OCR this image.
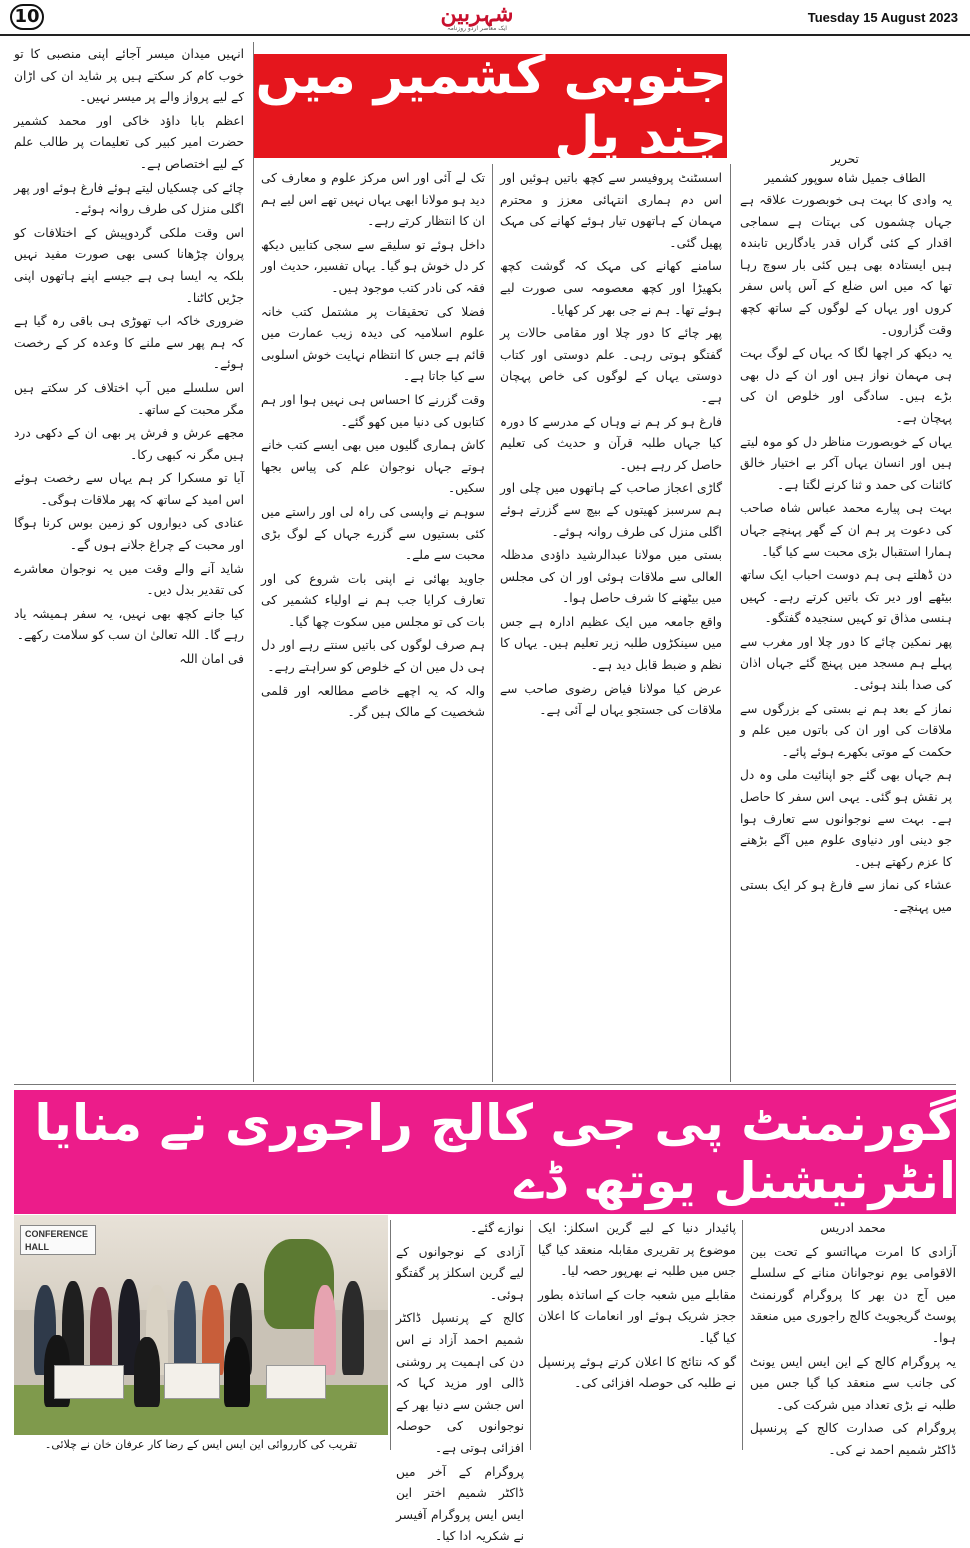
10	شہربین
ایک معاصر اردو روزنامہ
Tuesday 15 August 2023
جنوبی کشمیر میں چند پل	تحریر
الطاف جمیل شاہ سوپور کشمیر

یہ وادی کا بہت ہی خوبصورت علاقہ ہے جہاں چشموں کی بہتات ہے سماجی اقدار کے کئی گراں قدر یادگاریں تابندہ ہیں ایستادہ بھی ہیں کئی بار سوچ رہا تھا کہ میں اس ضلع کے آس پاس سفر کروں اور یہاں کے لوگوں کے ساتھ کچھ وقت گزاروں۔

یہ دیکھ کر اچھا لگا کہ یہاں کے لوگ بہت ہی مہمان نواز ہیں اور ان کے دل بھی بڑے ہیں۔ سادگی اور خلوص ان کی پہچان ہے۔

یہاں کے خوبصورت مناظر دل کو موہ لیتے ہیں اور انسان یہاں آکر بے اختیار خالق کائنات کی حمد و ثنا کرنے لگتا ہے۔

بہت ہی پیارے محمد عباس شاہ صاحب کی دعوت پر ہم ان کے گھر پہنچے جہاں ہمارا استقبال بڑی محبت سے کیا گیا۔

دن ڈھلتے ہی ہم دوست احباب ایک ساتھ بیٹھے اور دیر تک باتیں کرتے رہے۔ کہیں ہنسی مذاق تو کہیں سنجیدہ گفتگو۔

پھر نمکین چائے کا دور چلا اور مغرب سے پہلے ہم مسجد میں پہنچ گئے جہاں اذان کی صدا بلند ہوئی۔

نماز کے بعد ہم نے بستی کے بزرگوں سے ملاقات کی اور ان کی باتوں میں علم و حکمت کے موتی بکھرے ہوئے پائے۔

ہم جہاں بھی گئے جو اپنائیت ملی وہ دل پر نقش ہو گئی۔ یہی اس سفر کا حاصل ہے۔ بہت سے نوجوانوں سے تعارف ہوا جو دینی اور دنیاوی علوم میں آگے بڑھنے کا عزم رکھتے ہیں۔

عشاء کی نماز سے فارغ ہو کر ایک بستی میں پہنچے۔

اسسٹنٹ پروفیسر سے کچھ باتیں ہوئیں اور اس دم ہماری انتہائی معزز و محترم مہمان کے ہاتھوں تیار ہوئے کھانے کی مہک پھیل گئی۔

سامنے کھانے کی مہک کہ گوشت کچھ بکھیڑا اور کچھ معصومہ سی صورت لیے ہوئے تھا۔ ہم نے جی بھر کر کھایا۔

پھر چائے کا دور چلا اور مقامی حالات پر گفتگو ہوتی رہی۔ علم دوستی اور کتاب دوستی یہاں کے لوگوں کی خاص پہچان ہے۔

فارغ ہو کر ہم نے وہاں کے مدرسے کا دورہ کیا جہاں طلبہ قرآن و حدیث کی تعلیم حاصل کر رہے ہیں۔

گاڑی اعجاز صاحب کے ہاتھوں میں چلی اور ہم سرسبز کھیتوں کے بیچ سے گزرتے ہوئے اگلی منزل کی طرف روانہ ہوئے۔

بستی میں مولانا عبدالرشید داؤدی مدظلہ العالی سے ملاقات ہوئی اور ان کی مجلس میں بیٹھنے کا شرف حاصل ہوا۔

واقع جامعہ میں ایک عظیم ادارہ ہے جس میں سینکڑوں طلبہ زیر تعلیم ہیں۔ یہاں کا نظم و ضبط قابل دید ہے۔

عرض کیا مولانا فیاض رضوی صاحب سے ملاقات کی جستجو یہاں لے آئی ہے۔

تک لے آئی اور اس مرکز علوم و معارف کی دید ہو مولانا ابھی یہاں نہیں تھے اس لیے ہم ان کا انتظار کرتے رہے۔

داخل ہوئے تو سلیقے سے سجی کتابیں دیکھ کر دل خوش ہو گیا۔ یہاں تفسیر، حدیث اور فقہ کی نادر کتب موجود ہیں۔

فضلا کی تحقیقات پر مشتمل کتب خانہ علوم اسلامیہ کی دیدہ زیب عمارت میں قائم ہے جس کا انتظام نہایت خوش اسلوبی سے کیا جاتا ہے۔

وقت گزرنے کا احساس ہی نہیں ہوا اور ہم کتابوں کی دنیا میں کھو گئے۔

کاش ہماری گلیوں میں بھی ایسے کتب خانے ہوتے جہاں نوجوان علم کی پیاس بجھا سکیں۔

سوہم نے واپسی کی راہ لی اور راستے میں کئی بستیوں سے گزرے جہاں کے لوگ بڑی محبت سے ملے۔

جاوید بھائی نے اپنی بات شروع کی اور تعارف کرایا جب ہم نے اولیاء کشمیر کی بات کی تو مجلس میں سکوت چھا گیا۔

ہم صرف لوگوں کی باتیں سنتے رہے اور دل ہی دل میں ان کے خلوص کو سراہتے رہے۔

والہ کہ یہ اچھے خاصے مطالعہ اور قلمی شخصیت کے مالک ہیں گر۔

انہیں میدان میسر آجائے اپنی منصبی کا تو خوب کام کر سکتے ہیں پر شاید ان کی اڑان کے لیے پرواز والے پر میسر نہیں۔

اعظم بابا داؤد خاکی اور محمد کشمیر حضرت امیر کبیر کی تعلیمات پر طالب علم کے لیے اختصاص ہے۔

چائے کی چسکیاں لیتے ہوئے فارغ ہوئے اور پھر اگلی منزل کی طرف روانہ ہوئے۔

اس وقت ملکی گردوپیش کے اختلافات کو پروان چڑھانا کسی بھی صورت مفید نہیں بلکہ یہ ایسا ہی ہے جیسے اپنے ہاتھوں اپنی جڑیں کاٹنا۔

ضروری خاکہ اب تھوڑی ہی باقی رہ گیا ہے کہ ہم پھر سے ملنے کا وعدہ کر کے رخصت ہوئے۔

اس سلسلے میں آپ اختلاف کر سکتے ہیں مگر محبت کے ساتھ۔

مجھے عرش و فرش پر بھی ان کے دکھی درد ہیں مگر نہ کبھی رکا۔

آیا تو مسکرا کر ہم یہاں سے رخصت ہوئے اس امید کے ساتھ کہ پھر ملاقات ہوگی۔

عنادی کی دیواروں کو زمین بوس کرنا ہوگا اور محبت کے چراغ جلانے ہوں گے۔

شاید آنے والے وقت میں یہ نوجوان معاشرے کی تقدیر بدل دیں۔

کیا جانے کچھ بھی نہیں، یہ سفر ہمیشہ یاد رہے گا۔ اللہ تعالیٰ ان سب کو سلامت رکھے۔

فی امان اللہ

گورنمنٹ پی جی کالج راجوری نے منایا انٹرنیشنل یوتھ ڈے

محمد ادریس

آزادی کا امرت مہااتسو کے تحت بین الاقوامی یوم نوجوانان منانے کے سلسلے میں آج دن بھر کا پروگرام گورنمنٹ پوسٹ گریجویٹ کالج راجوری میں منعقد ہوا۔

یہ پروگرام کالج کے این ایس ایس یونٹ کی جانب سے منعقد کیا گیا جس میں طلبہ نے بڑی تعداد میں شرکت کی۔

پروگرام کی صدارت کالج کے پرنسپل ڈاکٹر شمیم احمد نے کی۔

پائیدار دنیا کے لیے گرین اسکلز: ایک موضوع پر تقریری مقابلہ منعقد کیا گیا جس میں طلبہ نے بھرپور حصہ لیا۔

مقابلے میں شعبہ جات کے اساتذہ بطور ججز شریک ہوئے اور انعامات کا اعلان کیا گیا۔

گو کہ نتائج کا اعلان کرتے ہوئے پرنسپل نے طلبہ کی حوصلہ افزائی کی۔

نوازے گئے۔

آزادی کے نوجوانوں کے لیے گرین اسکلز پر گفتگو ہوئی۔

کالج کے پرنسپل ڈاکٹر شمیم احمد آزاد نے اس دن کی اہمیت پر روشنی ڈالی اور مزید کہا کہ اس جشن سے دنیا بھر کے نوجوانوں کی حوصلہ افزائی ہوتی ہے۔

پروگرام کے آخر میں ڈاکٹر شمیم اختر این ایس ایس پروگرام آفیسر نے شکریہ ادا کیا۔

CONFERENCE HALL
تقریب کی کارروائی این ایس ایس کے رضا کار عرفان خان نے چلائی۔
